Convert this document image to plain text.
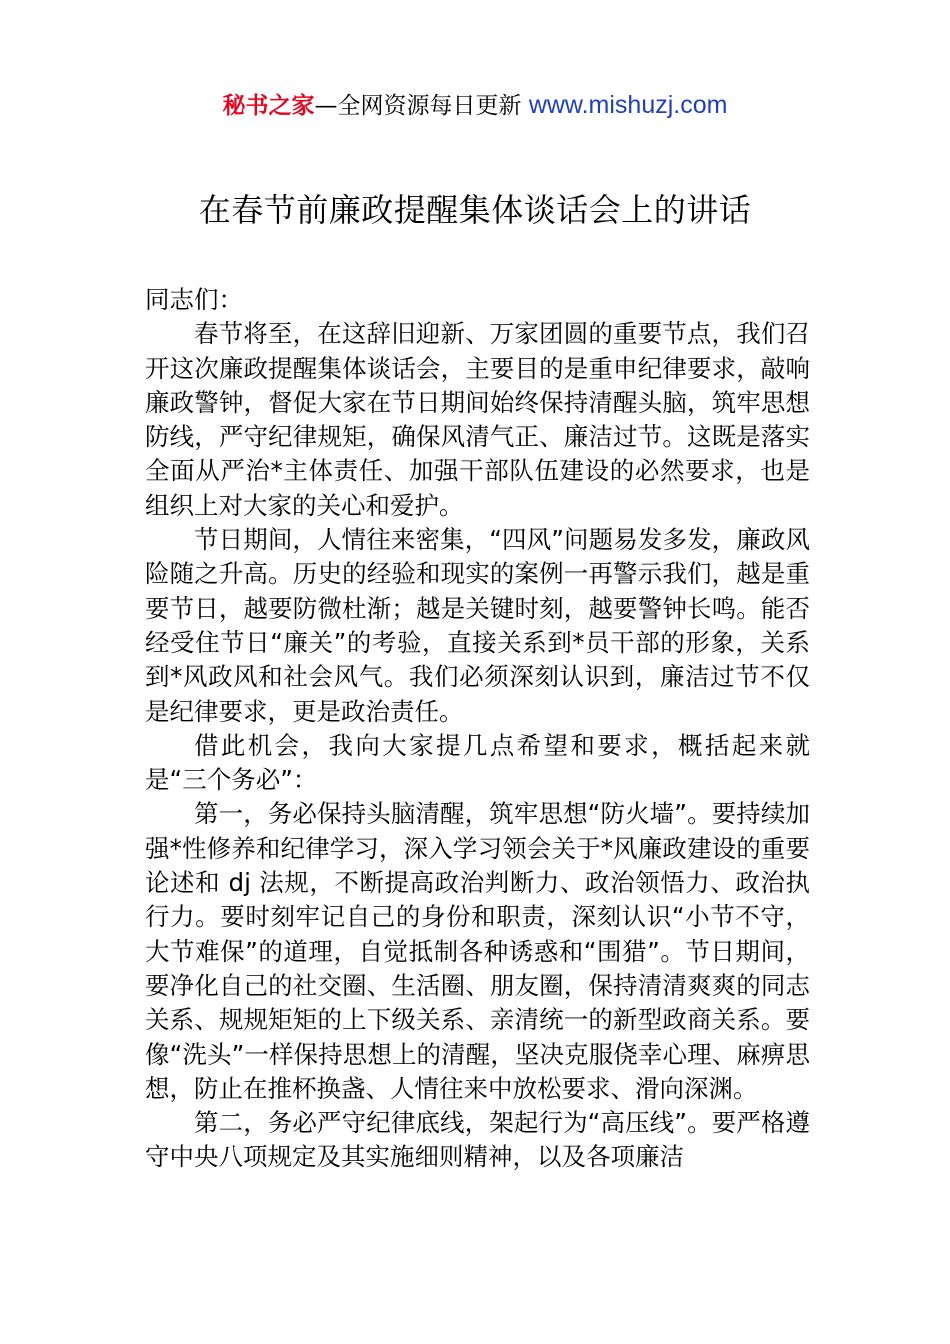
秘书之家—全网资源每日更新 www.mishuzj.com
在春节前廉政提醒集体谈话会上的讲话

同志们：

春节将至，在这辞旧迎新、万家团圆的重要节点，我们召开这次廉政提醒集体谈话会，主要目的是重申纪律要求，敲响廉政警钟，督促大家在节日期间始终保持清醒头脑，筑牢思想防线，严守纪律规矩，确保风清气正、廉洁过节。这既是落实全面从严治*主体责任、加强干部队伍建设的必然要求，也是组织上对大家的关心和爱护。

节日期间，人情往来密集，“四风”问题易发多发，廉政风险随之升高。历史的经验和现实的案例一再警示我们，越是重要节日，越要防微杜渐；越是关键时刻，越要警钟长鸣。能否经受住节日“廉关”的考验，直接关系到*员干部的形象，关系到*风政风和社会风气。我们必须深刻认识到，廉洁过节不仅是纪律要求，更是政治责任。

借此机会，我向大家提几点希望和要求，概括起来就是“三个务必”：

第一，务必保持头脑清醒，筑牢思想“防火墙”。要持续加强*性修养和纪律学习，深入学习领会关于*风廉政建设的重要论述和 dj 法规，不断提高政治判断力、政治领悟力、政治执行力。要时刻牢记自己的身份和职责，深刻认识“小节不守，大节难保”的道理，自觉抵制各种诱惑和“围猎”。节日期间，要净化自己的社交圈、生活圈、朋友圈，保持清清爽爽的同志关系、规规矩矩的上下级关系、亲清统一的新型政商关系。要像“洗头”一样保持思想上的清醒，坚决克服侥幸心理、麻痹思想，防止在推杯换盏、人情往来中放松要求、滑向深渊。

第二，务必严守纪律底线，架起行为“高压线”。要严格遵守中央八项规定及其实施细则精神，以及各项廉洁
